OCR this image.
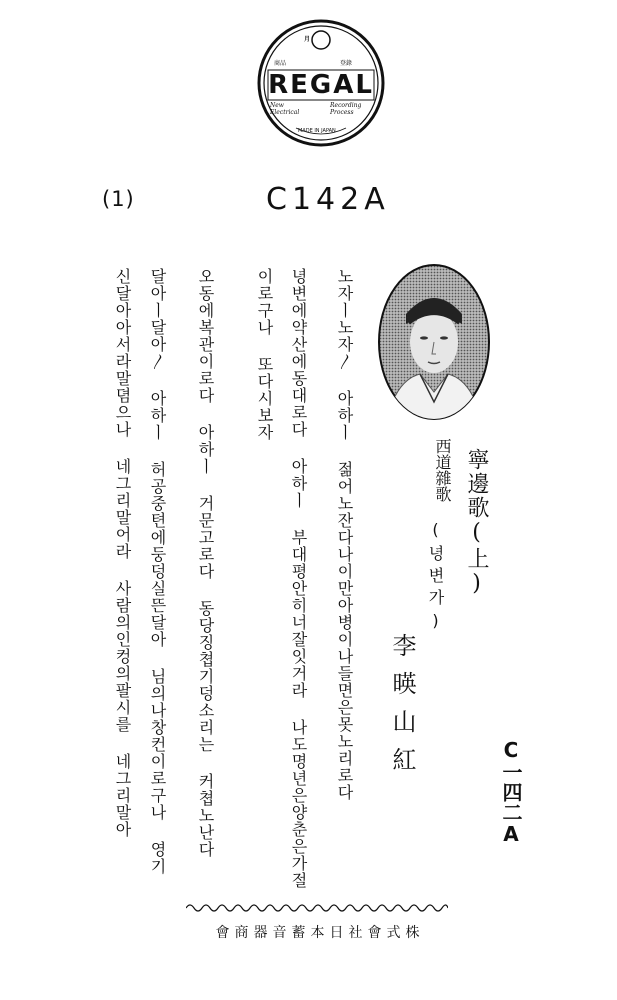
月
商品	登錄
REGAL
New Electrical
Recording Process
MADE IN JAPAN
(1)	C142A
西道雜歌 寧邊歌(上)
(녕변가)
李暎山紅
C一四二A
노자ㅣ노자〳 아하ㅣ 젊어노잔다나이만아병이나들면은못노리로다
녕변에약산에동대로다 아하ㅣ 부대평안히너잘잇거라 나도명년은양춘은가절
이로구나 또다시보자
오동에복관이로다 아하ㅣ 거문고로다 동당징쳡기덩소리는 커쳡노난다
달아ㅣ달아〳 아하ㅣ 허공중텬에둥덩실뜬달아 님의나창컨이로구나 영기
신달아아서라말뎜으나 네그리말어라 사람의인컹의팔시를 네그리말아
株式會社日本蓄音器商會
